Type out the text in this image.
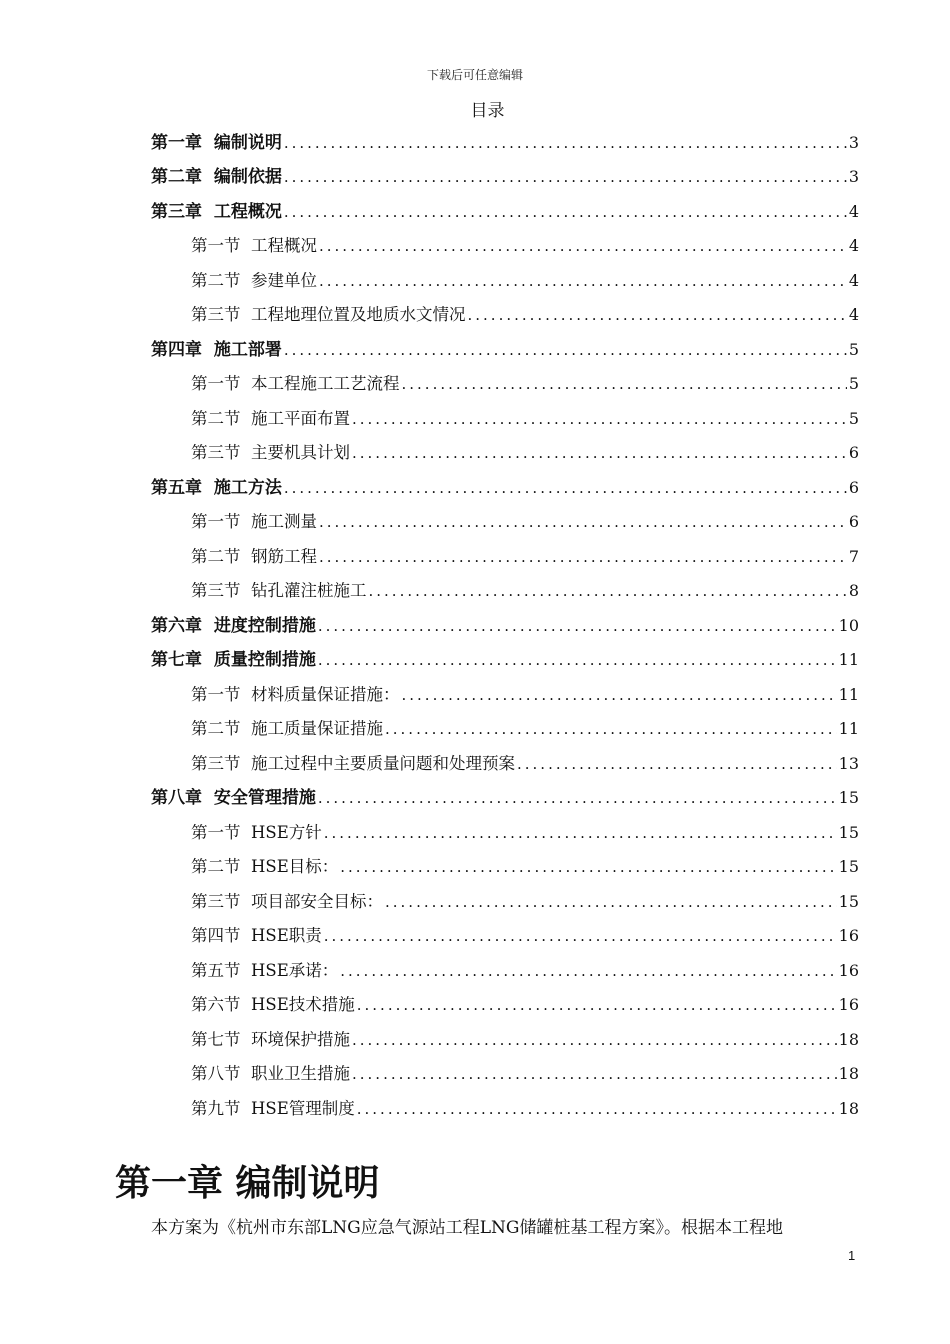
下载后可任意编辑
目录
第一章 编制说明 .....	3
第二章 编制依据 .....	3
第三章 工程概况 .....	4
第一节 工程概况 .....	4
第二节 参建单位 .....	4
第三节 工程地理位置及地质水文情况 .....	4
第四章 施工部署 .....	5
第一节 本工程施工工艺流程 .....	5
第二节 施工平面布置 .....	5
第三节 主要机具计划 .....	6
第五章 施工方法 .....	6
第一节 施工测量 .....	6
第二节 钢筋工程 .....	7
第三节 钻孔灌注桩施工 .....	8
第六章 进度控制措施 .....	10
第七章 质量控制措施 .....	11
第一节 材料质量保证措施： .....	11
第二节 施工质量保证措施 .....	11
第三节 施工过程中主要质量问题和处理预案 .....	13
第八章 安全管理措施 .....	15
第一节 HSE方针 .....	15
第二节 HSE目标： .....	15
第三节 项目部安全目标： .....	15
第四节 HSE职责 .....	16
第五节 HSE承诺： .....	16
第六节 HSE技术措施 .....	16
第七节 环境保护措施 .....	18
第八节 职业卫生措施 .....	18
第九节 HSE管理制度 .....	18
第一章 编制说明
本方案为《杭州市东部LNG应急气源站工程LNG储罐桩基工程方案》。根据本工程地
1
